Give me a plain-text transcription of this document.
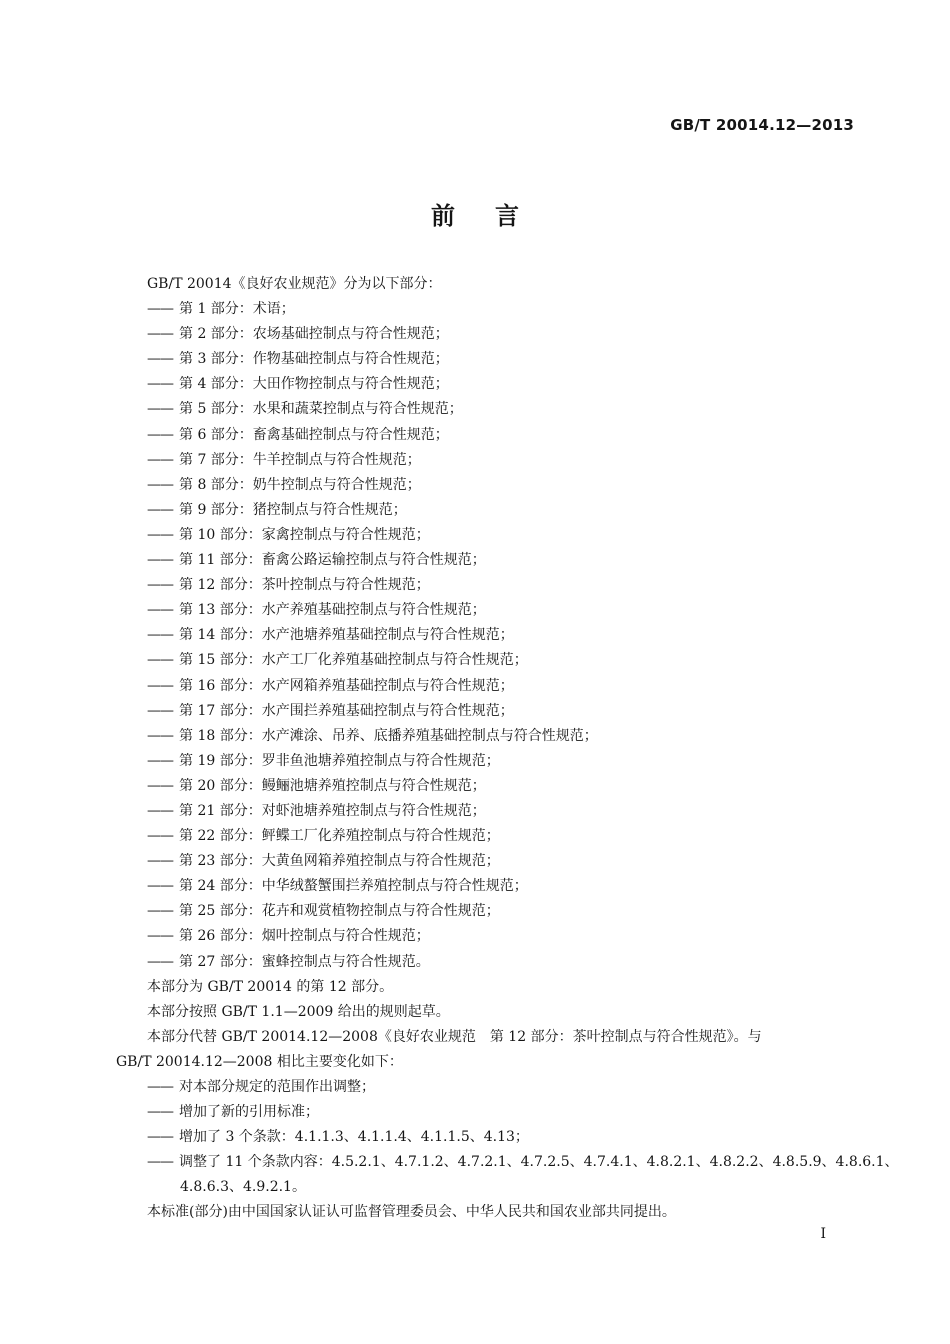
GB/T 20014.12—2013
前言
GB/T 20014《良好农业规范》分为以下部分：
—— 第 1 部分：术语；
—— 第 2 部分：农场基础控制点与符合性规范；
—— 第 3 部分：作物基础控制点与符合性规范；
—— 第 4 部分：大田作物控制点与符合性规范；
—— 第 5 部分：水果和蔬菜控制点与符合性规范；
—— 第 6 部分：畜禽基础控制点与符合性规范；
—— 第 7 部分：牛羊控制点与符合性规范；
—— 第 8 部分：奶牛控制点与符合性规范；
—— 第 9 部分：猪控制点与符合性规范；
—— 第 10 部分：家禽控制点与符合性规范；
—— 第 11 部分：畜禽公路运输控制点与符合性规范；
—— 第 12 部分：茶叶控制点与符合性规范；
—— 第 13 部分：水产养殖基础控制点与符合性规范；
—— 第 14 部分：水产池塘养殖基础控制点与符合性规范；
—— 第 15 部分：水产工厂化养殖基础控制点与符合性规范；
—— 第 16 部分：水产网箱养殖基础控制点与符合性规范；
—— 第 17 部分：水产围拦养殖基础控制点与符合性规范；
—— 第 18 部分：水产滩涂、吊养、底播养殖基础控制点与符合性规范；
—— 第 19 部分：罗非鱼池塘养殖控制点与符合性规范；
—— 第 20 部分：鳗鲡池塘养殖控制点与符合性规范；
—— 第 21 部分：对虾池塘养殖控制点与符合性规范；
—— 第 22 部分：鲆鲽工厂化养殖控制点与符合性规范；
—— 第 23 部分：大黄鱼网箱养殖控制点与符合性规范；
—— 第 24 部分：中华绒螯蟹围拦养殖控制点与符合性规范；
—— 第 25 部分：花卉和观赏植物控制点与符合性规范；
—— 第 26 部分：烟叶控制点与符合性规范；
—— 第 27 部分：蜜蜂控制点与符合性规范。
本部分为 GB/T 20014 的第 12 部分。
本部分按照 GB/T 1.1—2009 给出的规则起草。
本部分代替 GB/T 20014.12—2008《良好农业规范　第 12 部分：茶叶控制点与符合性规范》。与
GB/T 20014.12—2008 相比主要变化如下：
—— 对本部分规定的范围作出调整；
—— 增加了新的引用标准；
—— 增加了 3 个条款：4.1.1.3、4.1.1.4、4.1.1.5、4.13；
—— 调整了 11 个条款内容：4.5.2.1、4.7.1.2、4.7.2.1、4.7.2.5、4.7.4.1、4.8.2.1、4.8.2.2、4.8.5.9、4.8.6.1、
4.8.6.3、4.9.2.1。
本标准(部分)由中国国家认证认可监督管理委员会、中华人民共和国农业部共同提出。
I
